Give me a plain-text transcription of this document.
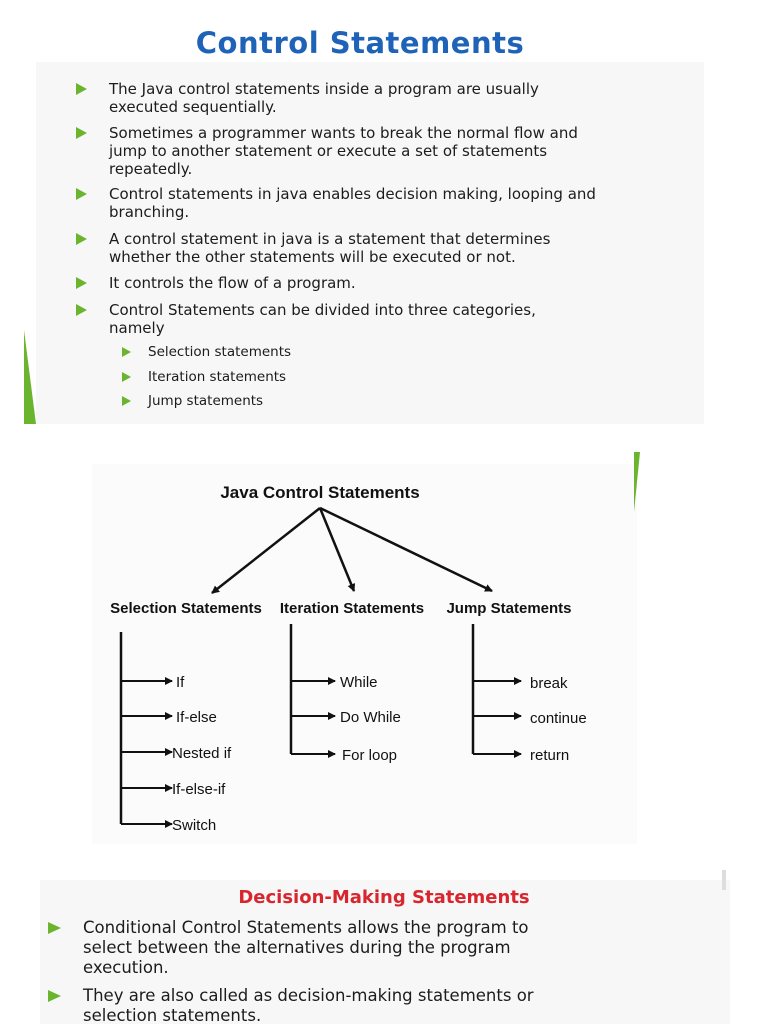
Control Statements
The Java control statements inside a program are usually
executed sequentially.
Sometimes a programmer wants to break the normal flow and
jump to another statement or execute a set of statements
repeatedly.
Control statements in java enables decision making, looping and
branching.
A control statement in java is a statement that determines
whether the other statements will be executed or not.
It controls the flow of a program.
Control Statements can be divided into three categories,
namely
Selection statements
Iteration statements
Jump statements
Java Control Statements
Selection Statements Iteration Statements Jump Statements
If
If-else
Nested if
If-else-if
Switch
While
Do While
For loop
break
continue
return
Decision-Making Statements
Conditional Control Statements allows the program to
select between the alternatives during the program
execution.
They are also called as decision-making statements or
selection statements.
